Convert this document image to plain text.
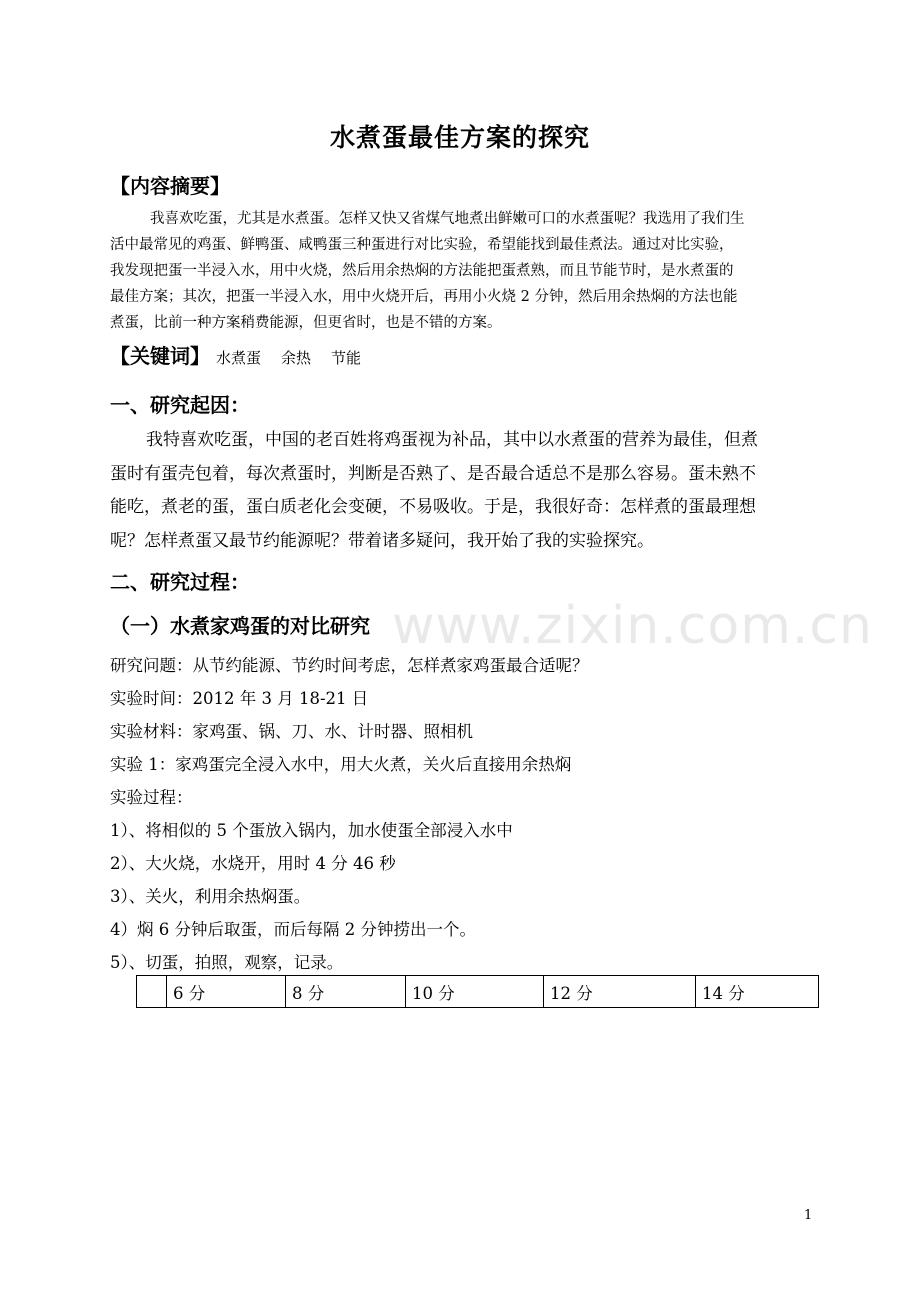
水煮蛋最佳方案的探究
【内容摘要】
我喜欢吃蛋，尤其是水煮蛋。怎样又快又省煤气地煮出鲜嫩可口的水煮蛋呢？我选用了我们生
活中最常见的鸡蛋、鲜鸭蛋、咸鸭蛋三种蛋进行对比实验，希望能找到最佳煮法。通过对比实验，
我发现把蛋一半浸入水，用中火烧，然后用余热焖的方法能把蛋煮熟，而且节能节时，是水煮蛋的
最佳方案；其次，把蛋一半浸入水，用中火烧开后，再用小火烧 2 分钟，然后用余热焖的方法也能
煮蛋，比前一种方案稍费能源，但更省时，也是不错的方案。
【关键词】 水煮蛋 余热 节能
一、研究起因：
我特喜欢吃蛋，中国的老百姓将鸡蛋视为补品，其中以水煮蛋的营养为最佳，但煮
蛋时有蛋壳包着，每次煮蛋时，判断是否熟了、是否最合适总不是那么容易。蛋未熟不
能吃，煮老的蛋，蛋白质老化会变硬，不易吸收。于是，我很好奇：怎样煮的蛋最理想
呢？怎样煮蛋又最节约能源呢？带着诸多疑问，我开始了我的实验探究。
二、研究过程：
www.zixin.com.cn
（一）水煮家鸡蛋的对比研究
研究问题：从节约能源、节约时间考虑，怎样煮家鸡蛋最合适呢？
实验时间：2012 年 3 月 18-21 日
实验材料：家鸡蛋、锅、刀、水、计时器、照相机
实验 1：家鸡蛋完全浸入水中，用大火煮，关火后直接用余热焖
实验过程：
1）、将相似的 5 个蛋放入锅内，加水使蛋全部浸入水中
2）、大火烧，水烧开，用时 4 分 46 秒
3）、关火，利用余热焖蛋。
4）焖 6 分钟后取蛋，而后每隔 2 分钟捞出一个。
5）、切蛋，拍照，观察，记录。
	6 分	8 分	10 分	12 分	14 分
1
